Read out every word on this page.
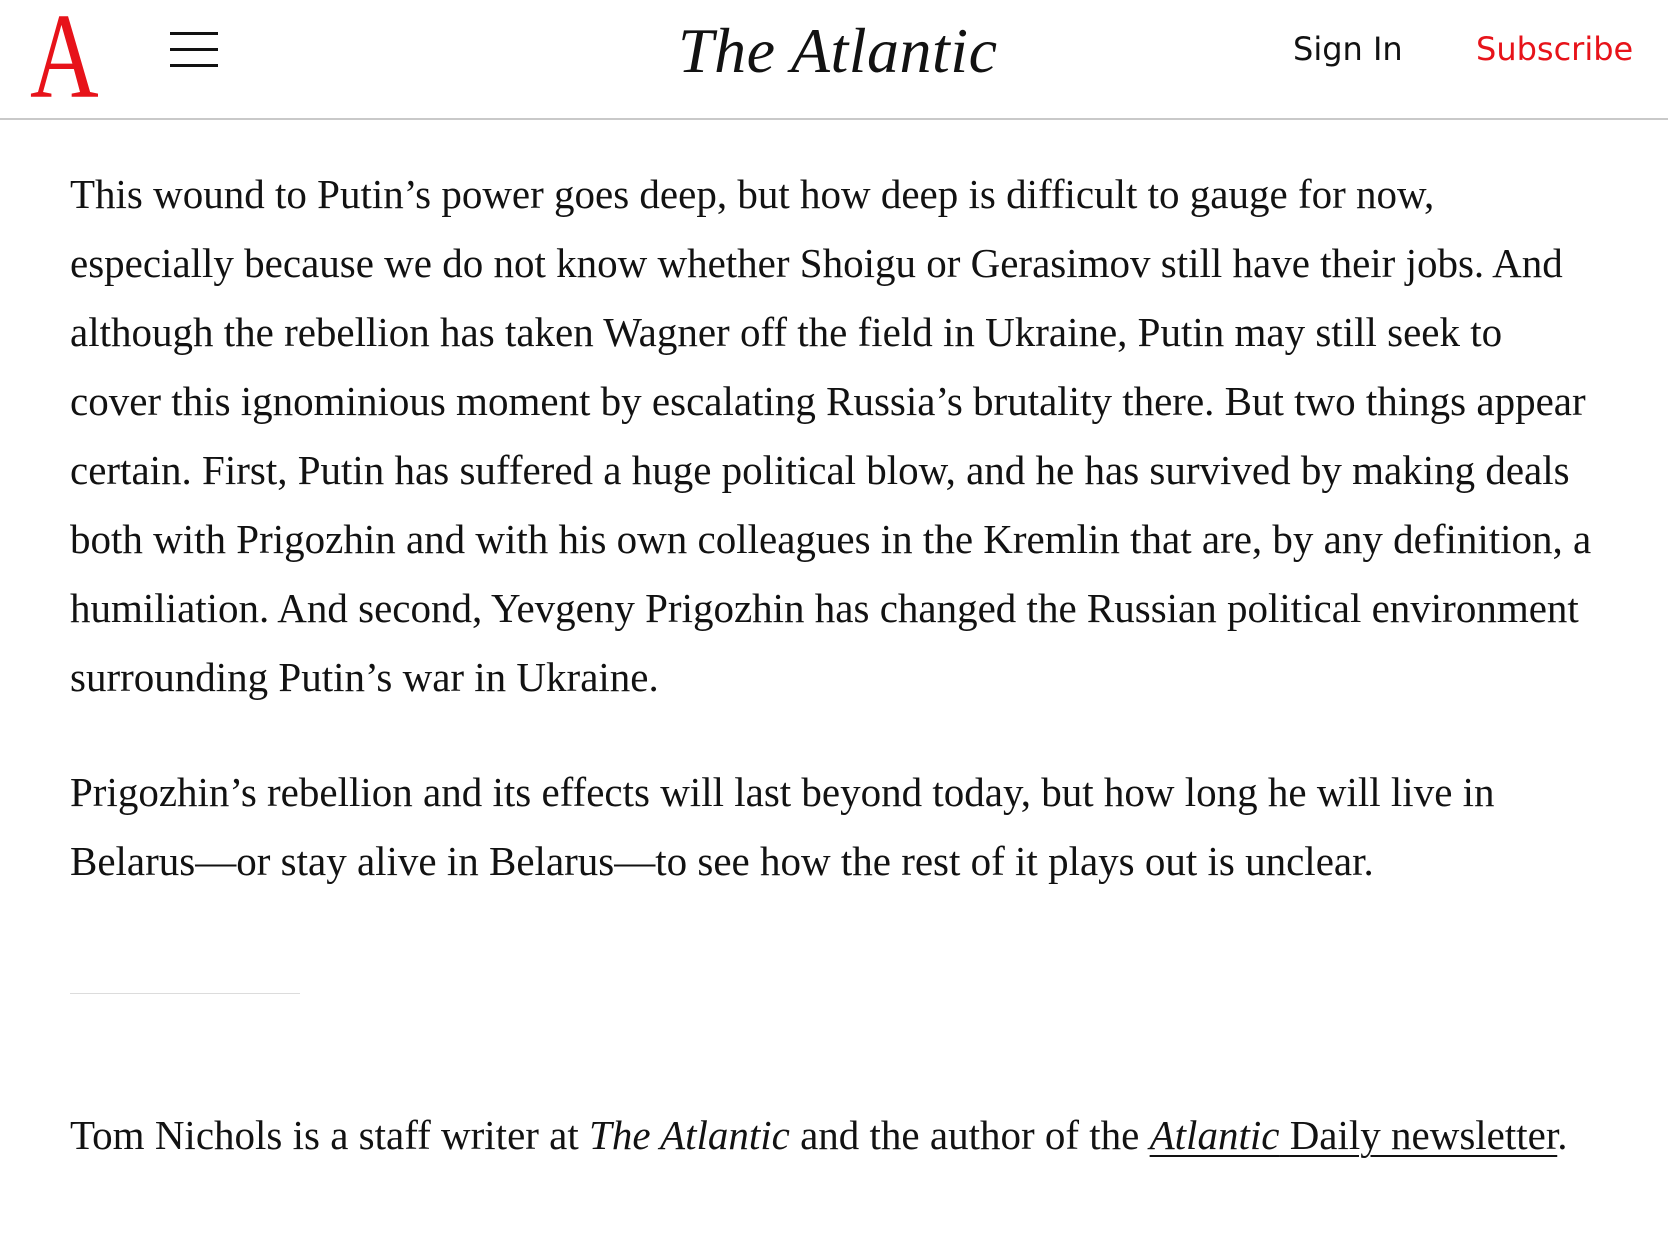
A	The Atlantic	Sign In Subscribe

This wound to Putin’s power goes deep, but how deep is difficult to gauge for now, especially because we do not know whether Shoigu or Gerasimov still have their jobs. And although the rebellion has taken Wagner off the field in Ukraine, Putin may still seek to cover this ignominious moment by escalating Russia’s brutality there. But two things appear certain. First, Putin has suffered a huge political blow, and he has survived by making deals both with Prigozhin and with his own colleagues in the Kremlin that are, by any definition, a humiliation. And second, Yevgeny Prigozhin has changed the Russian political environment surrounding Putin’s war in Ukraine.

Prigozhin’s rebellion and its effects will last beyond today, but how long he will live in Belarus—or stay alive in Belarus—to see how the rest of it plays out is unclear.

Tom Nichols is a staff writer at The Atlantic and the author of the Atlantic Daily newsletter.
